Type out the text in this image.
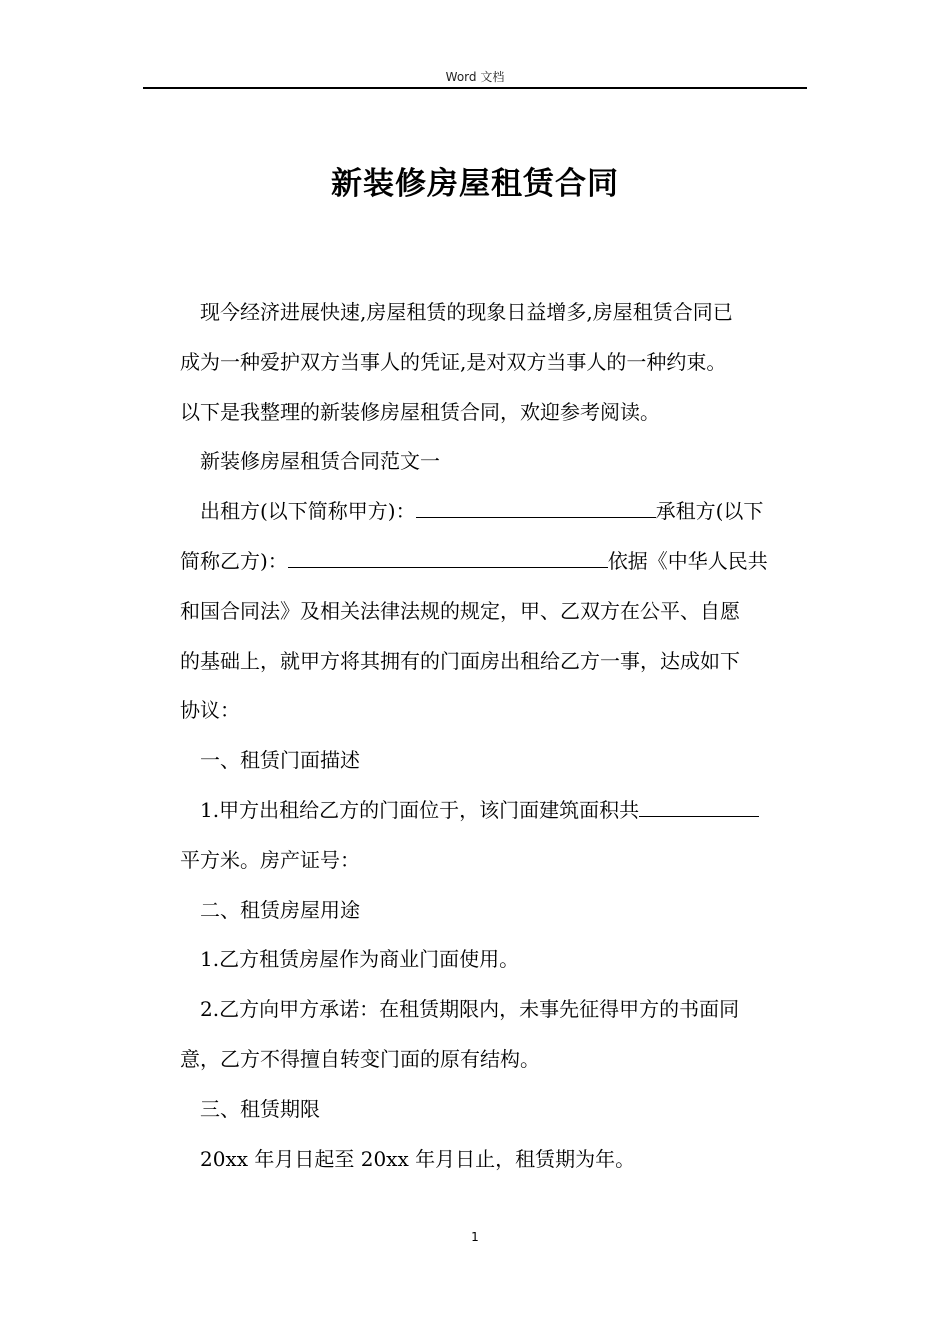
Word 文档
新装修房屋租赁合同

现今经济进展快速,房屋租赁的现象日益增多,房屋租赁合同已

成为一种爱护双方当事人的凭证,是对双方当事人的一种约束。

以下是我整理的新装修房屋租赁合同，欢迎参考阅读。

新装修房屋租赁合同范文一

出租方(以下简称甲方)：	承租方(以下

简称乙方)：	依据《中华人民共

和国合同法》及相关法律法规的规定，甲、乙双方在公平、自愿

的基础上，就甲方将其拥有的门面房出租给乙方一事，达成如下

协议：

一、租赁门面描述

1.甲方出租给乙方的门面位于，该门面建筑面积共

平方米。房产证号：

二、租赁房屋用途

1.乙方租赁房屋作为商业门面使用。

2.乙方向甲方承诺：在租赁期限内，未事先征得甲方的书面同

意，乙方不得擅自转变门面的原有结构。

三、租赁期限

20xx 年月日起至 20xx 年月日止，租赁期为年。

1
